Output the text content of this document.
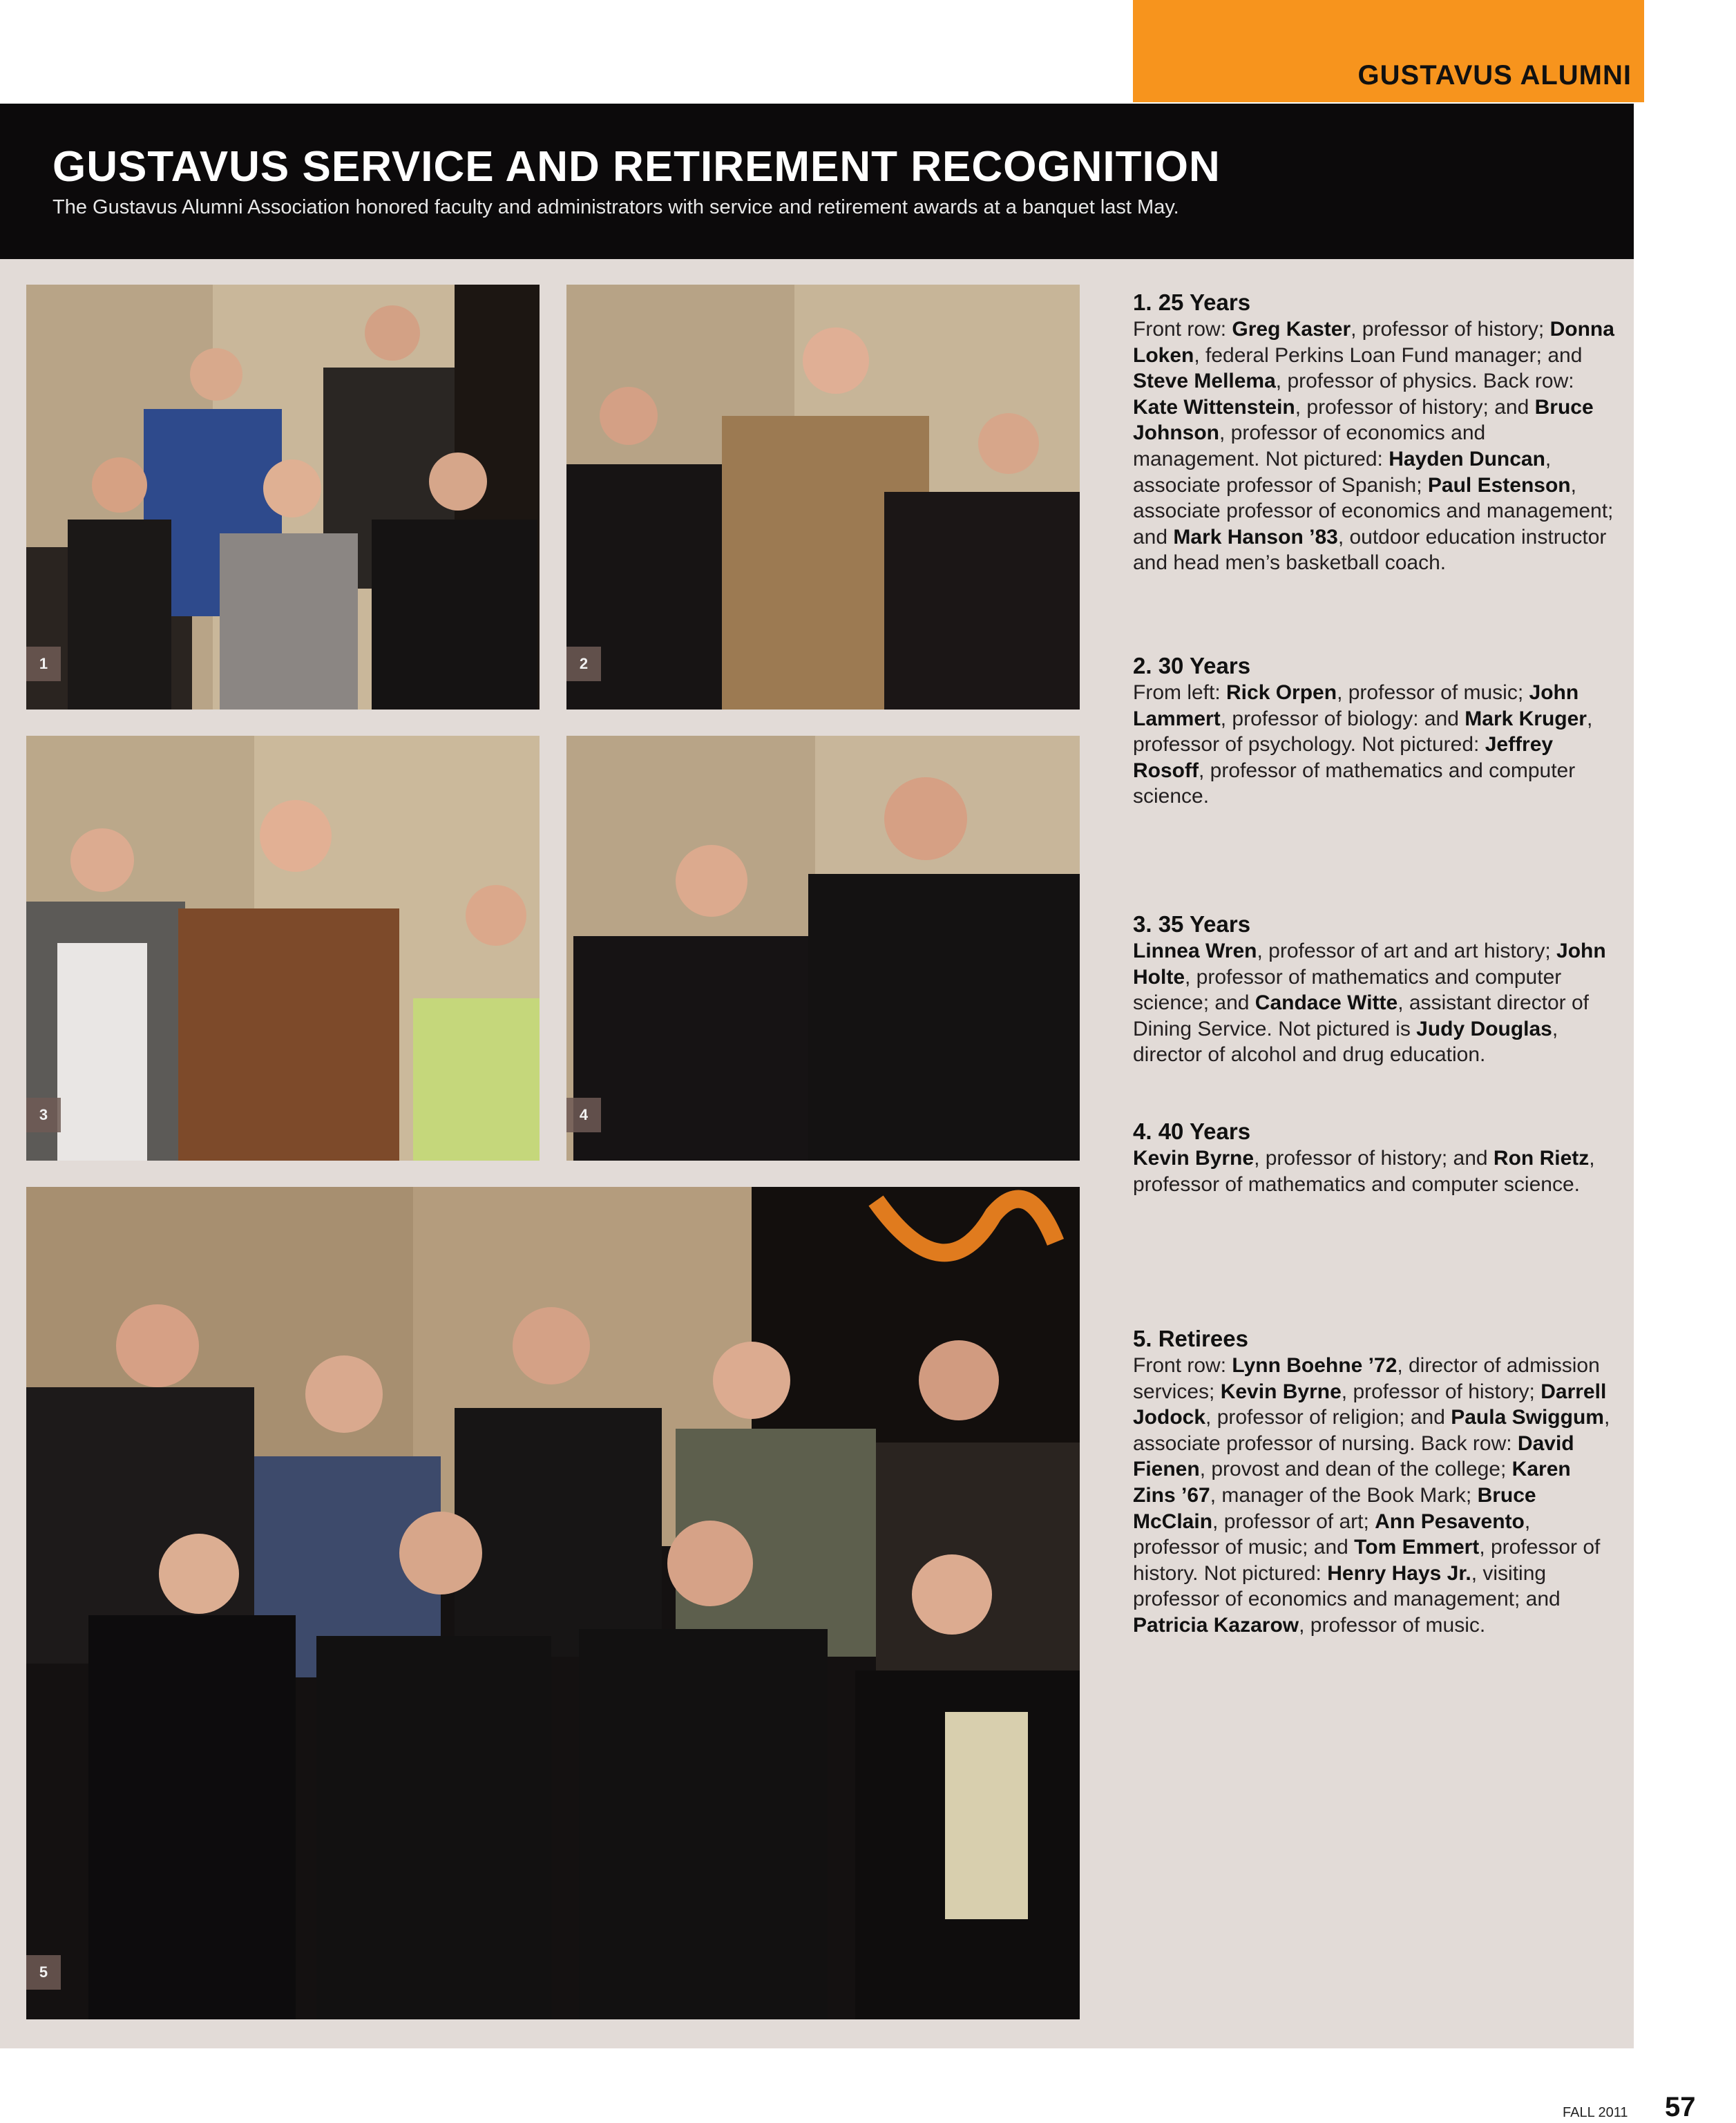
GUSTAVUS ALUMNI
GUSTAVUS SERVICE AND RETIREMENT RECOGNITION
The Gustavus Alumni Association honored faculty and administrators with service and retirement awards at a banquet last May.
1	2
3	4
5
1. 25 Years

Front row: Greg Kaster, professor of history; Donna Loken, federal Perkins Loan Fund manager; and Steve Mellema, professor of physics. Back row: Kate Wittenstein, professor of history; and Bruce Johnson, professor of economics and management. Not pictured: Hayden Duncan, associate professor of Spanish; Paul Estenson, associate professor of economics and management; and Mark Hanson ’83, outdoor education instructor and head men’s basketball coach.

2. 30 Years

From left: Rick Orpen, professor of music; John Lammert, professor of biology: and Mark Kruger, professor of psychology. Not pictured: Jeffrey Rosoff, professor of mathematics and computer science.

3. 35 Years

Linnea Wren, professor of art and art history; John Holte, professor of mathematics and computer science; and Candace Witte, assistant director of Dining Service. Not pictured is Judy Douglas, director of alcohol and drug education.

4. 40 Years

Kevin Byrne, professor of history; and Ron Rietz, professor of mathematics and computer science.

5. Retirees

Front row: Lynn Boehne ’72, director of admission services; Kevin Byrne, professor of history; Darrell Jodock, professor of religion; and Paula Swiggum, associate professor of nursing. Back row: David Fienen, provost and dean of the college; Karen Zins ’67, manager of the Book Mark; Bruce McClain, professor of art; Ann Pesavento, professor of music; and Tom Emmert, professor of history. Not pictured: Henry Hays Jr., visiting professor of economics and management; and Patricia Kazarow, professor of music.

FALL 2011 57
